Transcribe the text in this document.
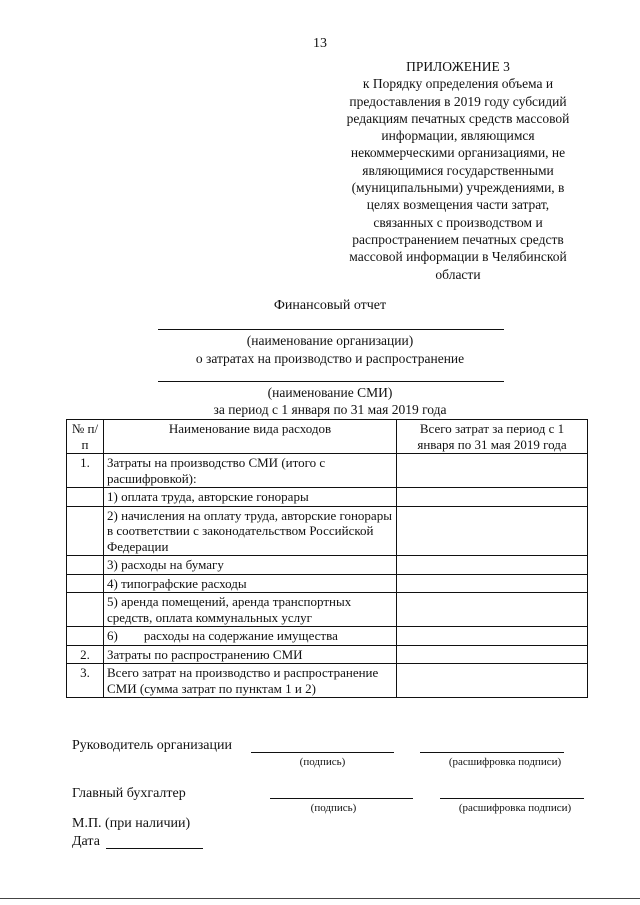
13
ПРИЛОЖЕНИЕ 3
к Порядку определения объема и
предоставления в 2019 году субсидий
редакциям печатных средств массовой
информации, являющимся
некоммерческими организациями, не
являющимися государственными
(муниципальными) учреждениями, в
целях возмещения части затрат,
связанных с производством и
распространением печатных средств
массовой информации в Челябинской
области
Финансовый отчет
(наименование организации)
о затратах на производство и распространение
(наименование СМИ)
за период с 1 января по 31 мая 2019 года
№ п/п	Наименование вида расходов	Всего затрат за период с 1 января по 31 мая 2019 года
1.	Затраты на производство СМИ (итого с расшифровкой):	
	1) оплата труда, авторские гонорары	
	2) начисления на оплату труда, авторские гонорары в соответствии с законодательством Российской Федерации	
	3) расходы на бумагу	
	4) типографские расходы	
	5) аренда помещений, аренда транспортных средств, оплата коммунальных услуг	
	6)        расходы на содержание имущества	
2.	Затраты по распространению СМИ	
3.	Всего затрат на производство и распространение СМИ (сумма затрат по пунктам 1 и 2)	
Руководитель организации
(подпись)	(расшифровка подписи)
Главный бухгалтер
(подпись)	(расшифровка подписи)
М.П. (при наличии)
Дата
